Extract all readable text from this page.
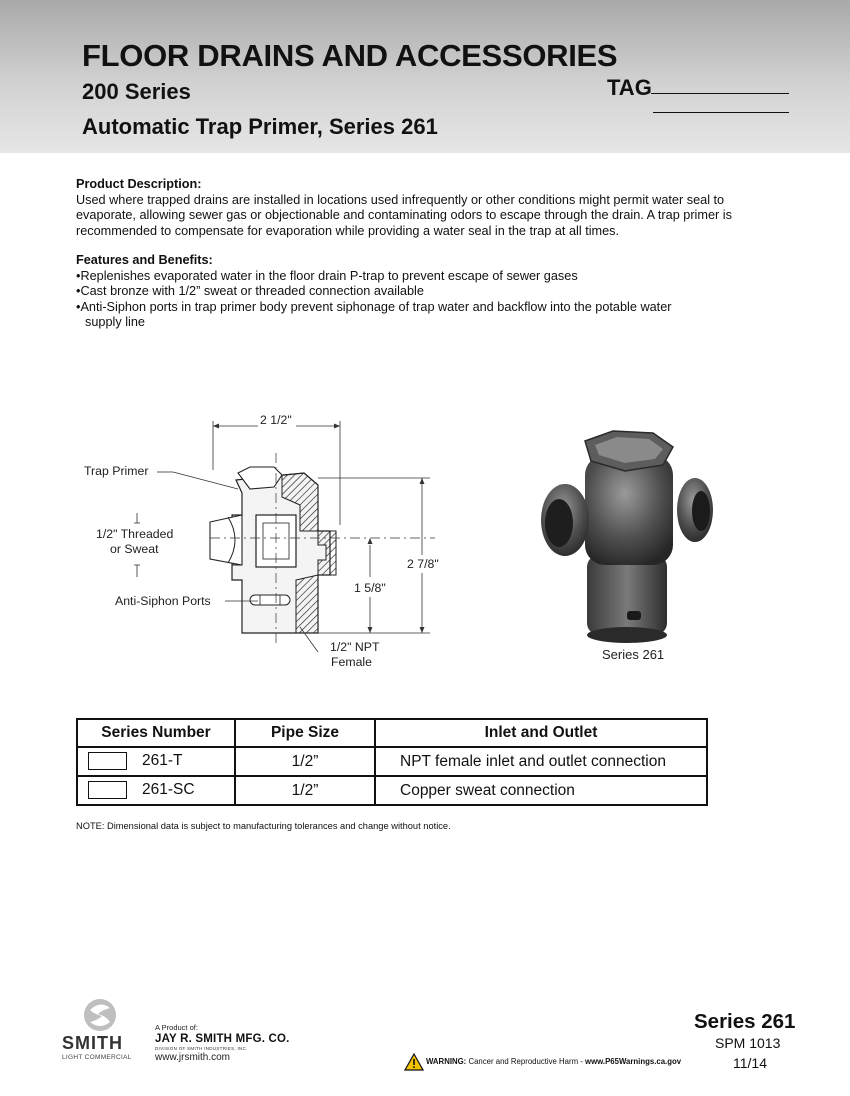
FLOOR DRAINS AND ACCESSORIES
200 Series
Automatic Trap Primer, Series 261
TAG
Product Description:

Used where trapped drains are installed in locations used infrequently or other conditions might permit water seal to evaporate, allowing sewer gas or objectionable and contaminating odors to escape through the drain. A trap primer is recommended to compensate for evaporation while providing a water seal in the trap at all times.

Features and Benefits:
• Replenishes evaporated water in the floor drain P-trap to prevent escape of sewer gases
• Cast bronze with 1/2” sweat or threaded connection available
• Anti-Siphon ports in trap primer body prevent siphonage of trap water and backflow into the potable water supply line
2 1/2"
2 7/8"
1 5/8"
Trap Primer
1/2" Threaded
or Sweat
Anti-Siphon Ports
1/2" NPT
Female	Series 261
Series Number	Pipe Size	Inlet and Outlet
261-T	1/2”	NPT female inlet and outlet connection
261-SC	1/2”	Copper sweat connection
NOTE: Dimensional data is subject to manufacturing tolerances and change without notice.
SMITH
LIGHT COMMERCIAL
A Product of:
JAY R. SMITH MFG. CO.
DIVISION OF SMITH INDUSTRIES, INC.
www.jrsmith.com	WARNING: Cancer and Reproductive Harm - www.P65Warnings.ca.gov
Series 261
SPM 1013
11/14
